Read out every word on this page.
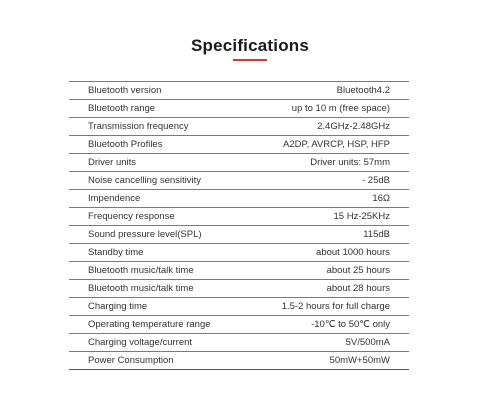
Specifications
Bluetooth version	Bluetooth4.2
Bluetooth range	up to 10 m (free space)
Transmission frequency	2.4GHz-2.48GHz
Bluetooth Profiles	A2DP, AVRCP, HSP, HFP
Driver units	Driver units: 57mm
Noise cancelling sensitivity	- 25dB
Impendence	16Ω
Frequency response	15 Hz-25KHz
Sound pressure level(SPL)	115dB
Standby time	about 1000 hours
Bluetooth music/talk time	about 25 hours
Bluetooth music/talk time	about 28 hours
Charging time	1.5-2 hours for full charge
Operating temperature range	-10℃ to 50℃ only
Charging voltage/current	5V/500mA
Power Consumption	50mW+50mW
